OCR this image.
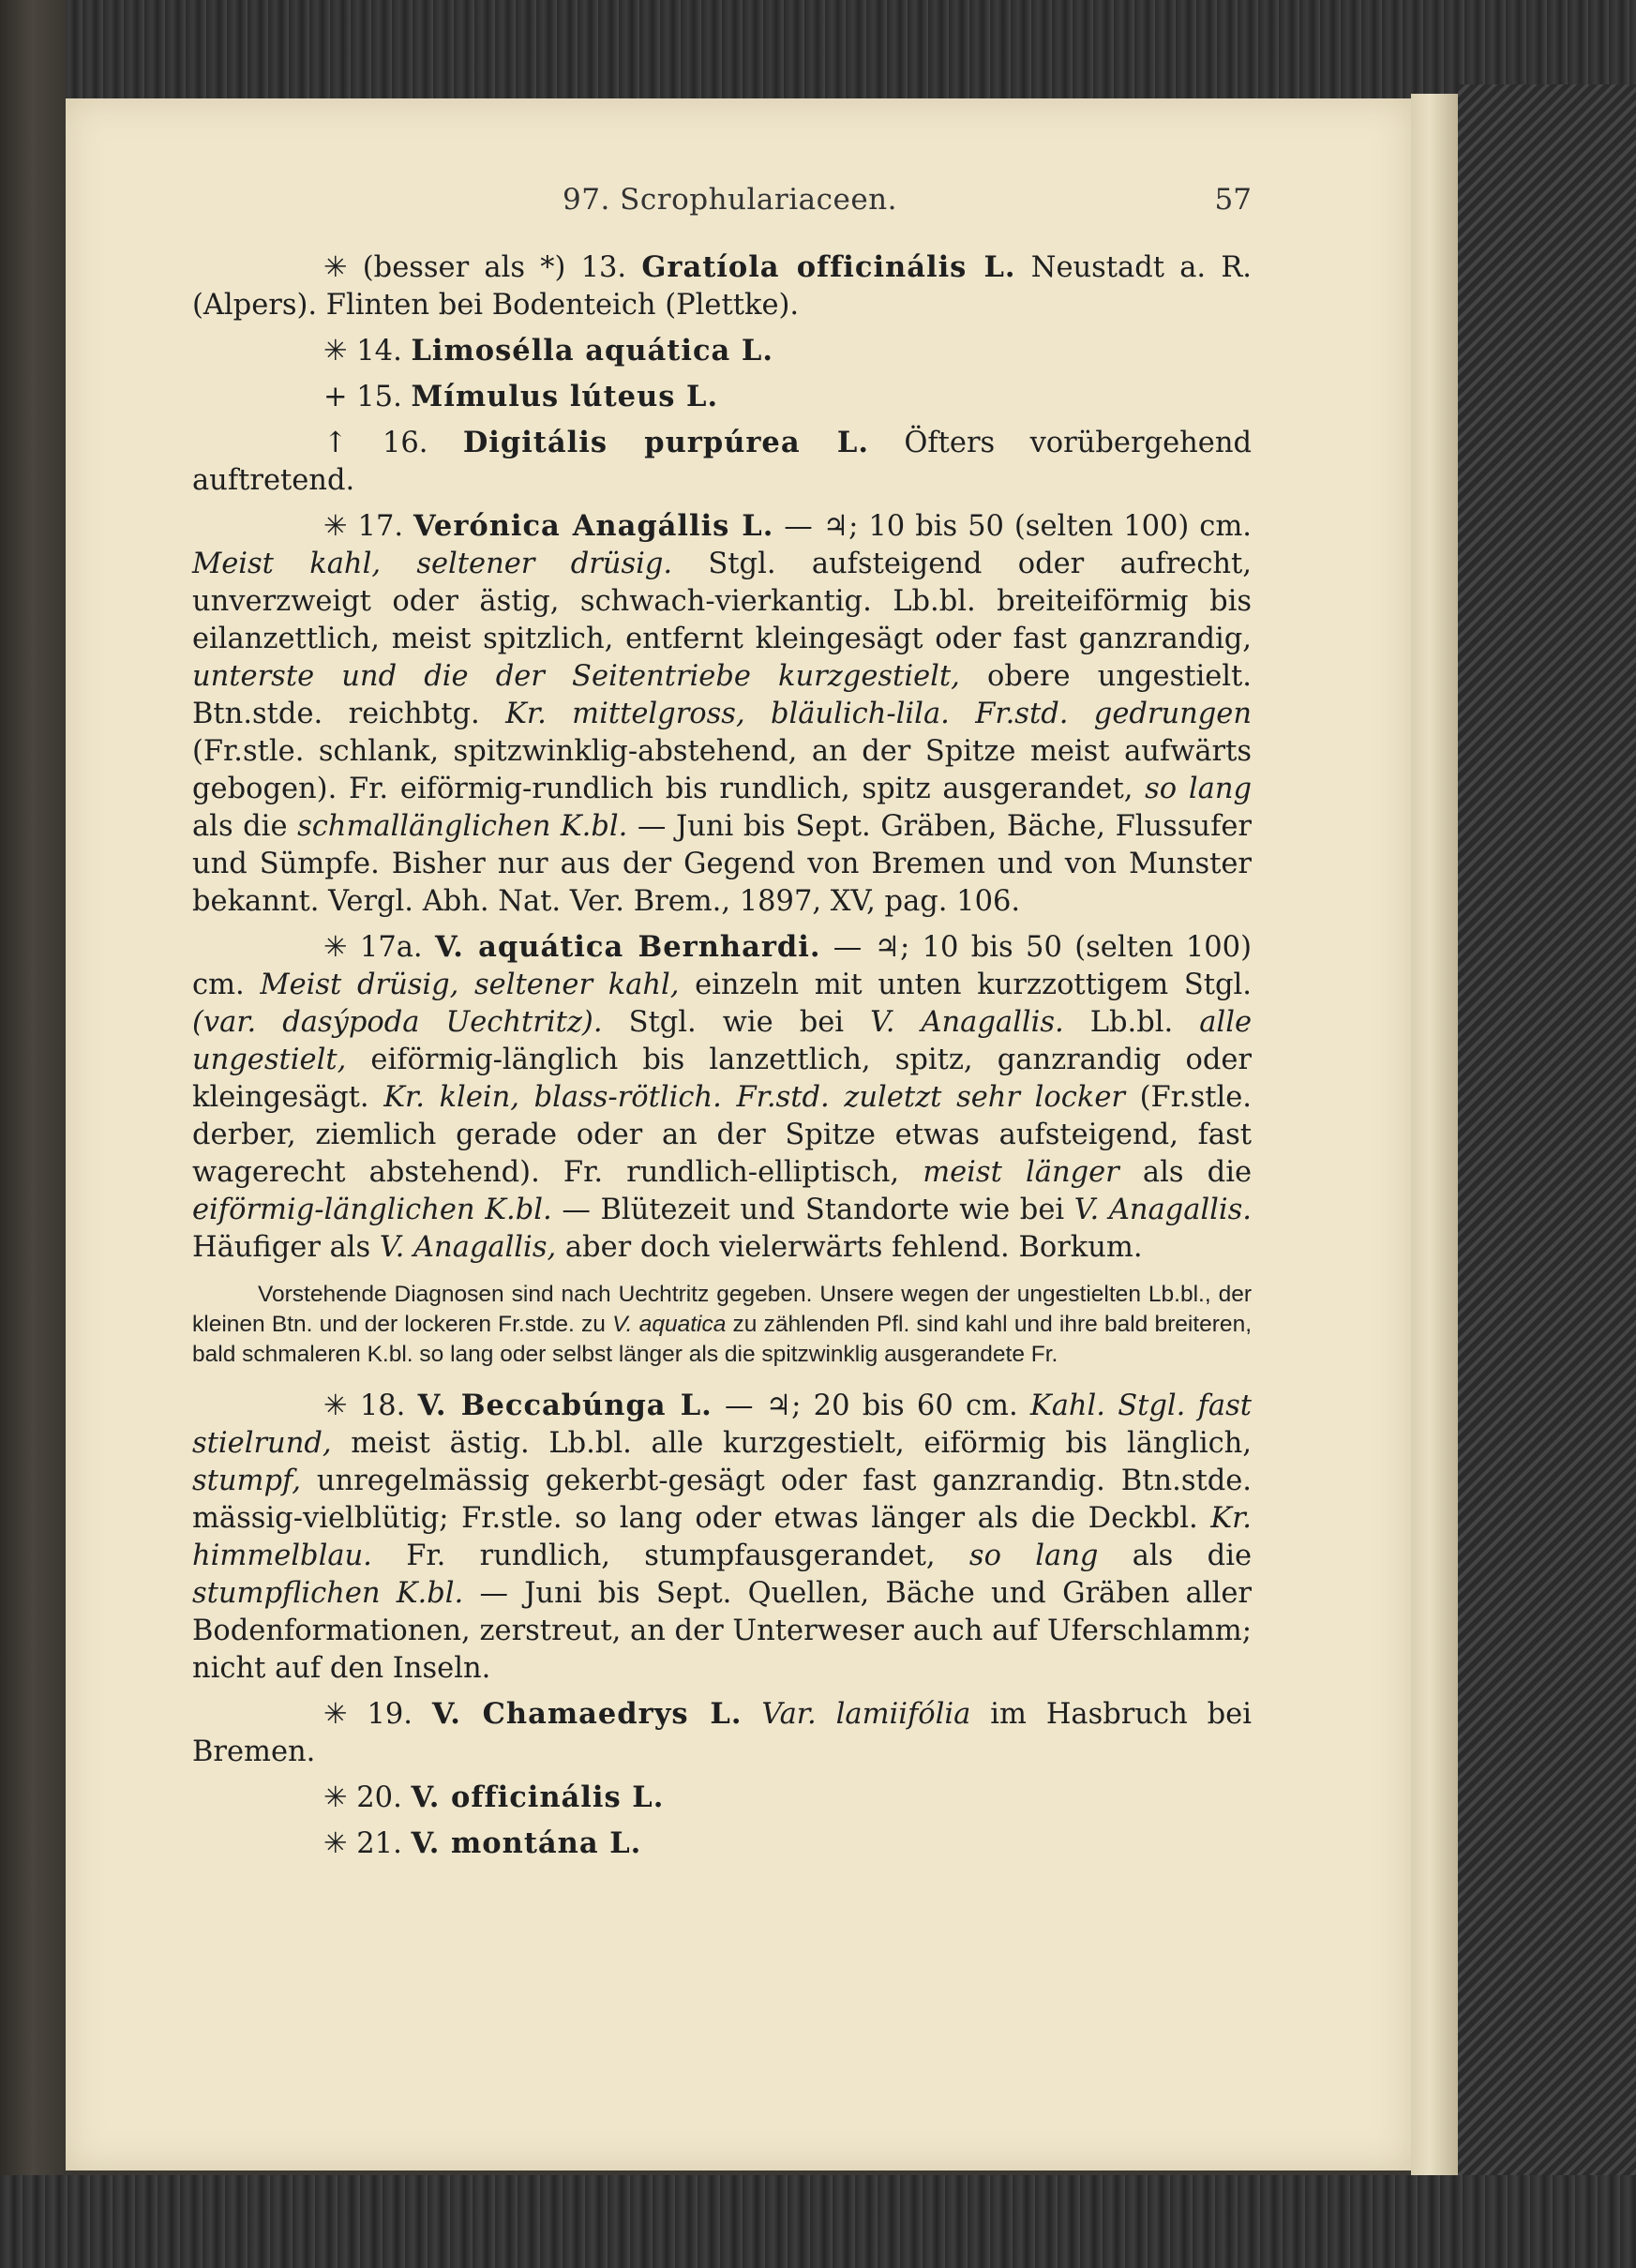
97. Scrophulariaceen.	57

✳ (besser als *) 13. Gratíola officinális L. Neustadt a. R. (Alpers). Flinten bei Bodenteich (Plettke).

✳ 14. Limosélla aquática L.

+ 15. Mímulus lúteus L.

↑ 16. Digitális purpúrea L. Öfters vorübergehend auftretend.

✳ 17. Verónica Anagállis L. — ♃; 10 bis 50 (selten 100) cm. Meist kahl, seltener drüsig. Stgl. aufsteigend oder aufrecht, unverzweigt oder ästig, schwach-vierkantig. Lb.bl. breiteiförmig bis eilanzettlich, meist spitzlich, entfernt kleingesägt oder fast ganzrandig, unterste und die der Seitentriebe kurzgestielt, obere ungestielt. Btn.stde. reichbtg. Kr. mittelgross, bläulich-lila. Fr.std. gedrungen (Fr.stle. schlank, spitzwinklig-abstehend, an der Spitze meist aufwärts gebogen). Fr. eiförmig-rundlich bis rundlich, spitz ausgerandet, so lang als die schmallänglichen K.bl. — Juni bis Sept. Gräben, Bäche, Flussufer und Sümpfe. Bisher nur aus der Gegend von Bremen und von Munster bekannt. Vergl. Abh. Nat. Ver. Brem., 1897, XV, pag. 106.

✳ 17a. V. aquática Bernhardi. — ♃; 10 bis 50 (selten 100) cm. Meist drüsig, seltener kahl, einzeln mit unten kurzzottigem Stgl. (var. dasýpoda Uechtritz). Stgl. wie bei V. Anagallis. Lb.bl. alle ungestielt, eiförmig-länglich bis lanzettlich, spitz, ganzrandig oder kleingesägt. Kr. klein, blass-rötlich. Fr.std. zuletzt sehr locker (Fr.stle. derber, ziemlich gerade oder an der Spitze etwas aufsteigend, fast wagerecht abstehend). Fr. rundlich-elliptisch, meist länger als die eiförmig-länglichen K.bl. — Blütezeit und Standorte wie bei V. Anagallis. Häufiger als V. Anagallis, aber doch vielerwärts fehlend. Borkum.

Vorstehende Diagnosen sind nach Uechtritz gegeben. Unsere wegen der ungestielten Lb.bl., der kleinen Btn. und der lockeren Fr.stde. zu V. aquatica zu zählenden Pfl. sind kahl und ihre bald breiteren, bald schmaleren K.bl. so lang oder selbst länger als die spitzwinklig ausgerandete Fr.

✳ 18. V. Beccabúnga L. — ♃; 20 bis 60 cm. Kahl. Stgl. fast stielrund, meist ästig. Lb.bl. alle kurzgestielt, eiförmig bis länglich, stumpf, unregelmässig gekerbt-gesägt oder fast ganzrandig. Btn.stde. mässig-vielblütig; Fr.stle. so lang oder etwas länger als die Deckbl. Kr. himmelblau. Fr. rundlich, stumpfausgerandet, so lang als die stumpflichen K.bl. — Juni bis Sept. Quellen, Bäche und Gräben aller Bodenformationen, zerstreut, an der Unterweser auch auf Uferschlamm; nicht auf den Inseln.

✳ 19. V. Chamaedrys L. Var. lamiifólia im Hasbruch bei Bremen.

✳ 20. V. officinális L.

✳ 21. V. montána L.
